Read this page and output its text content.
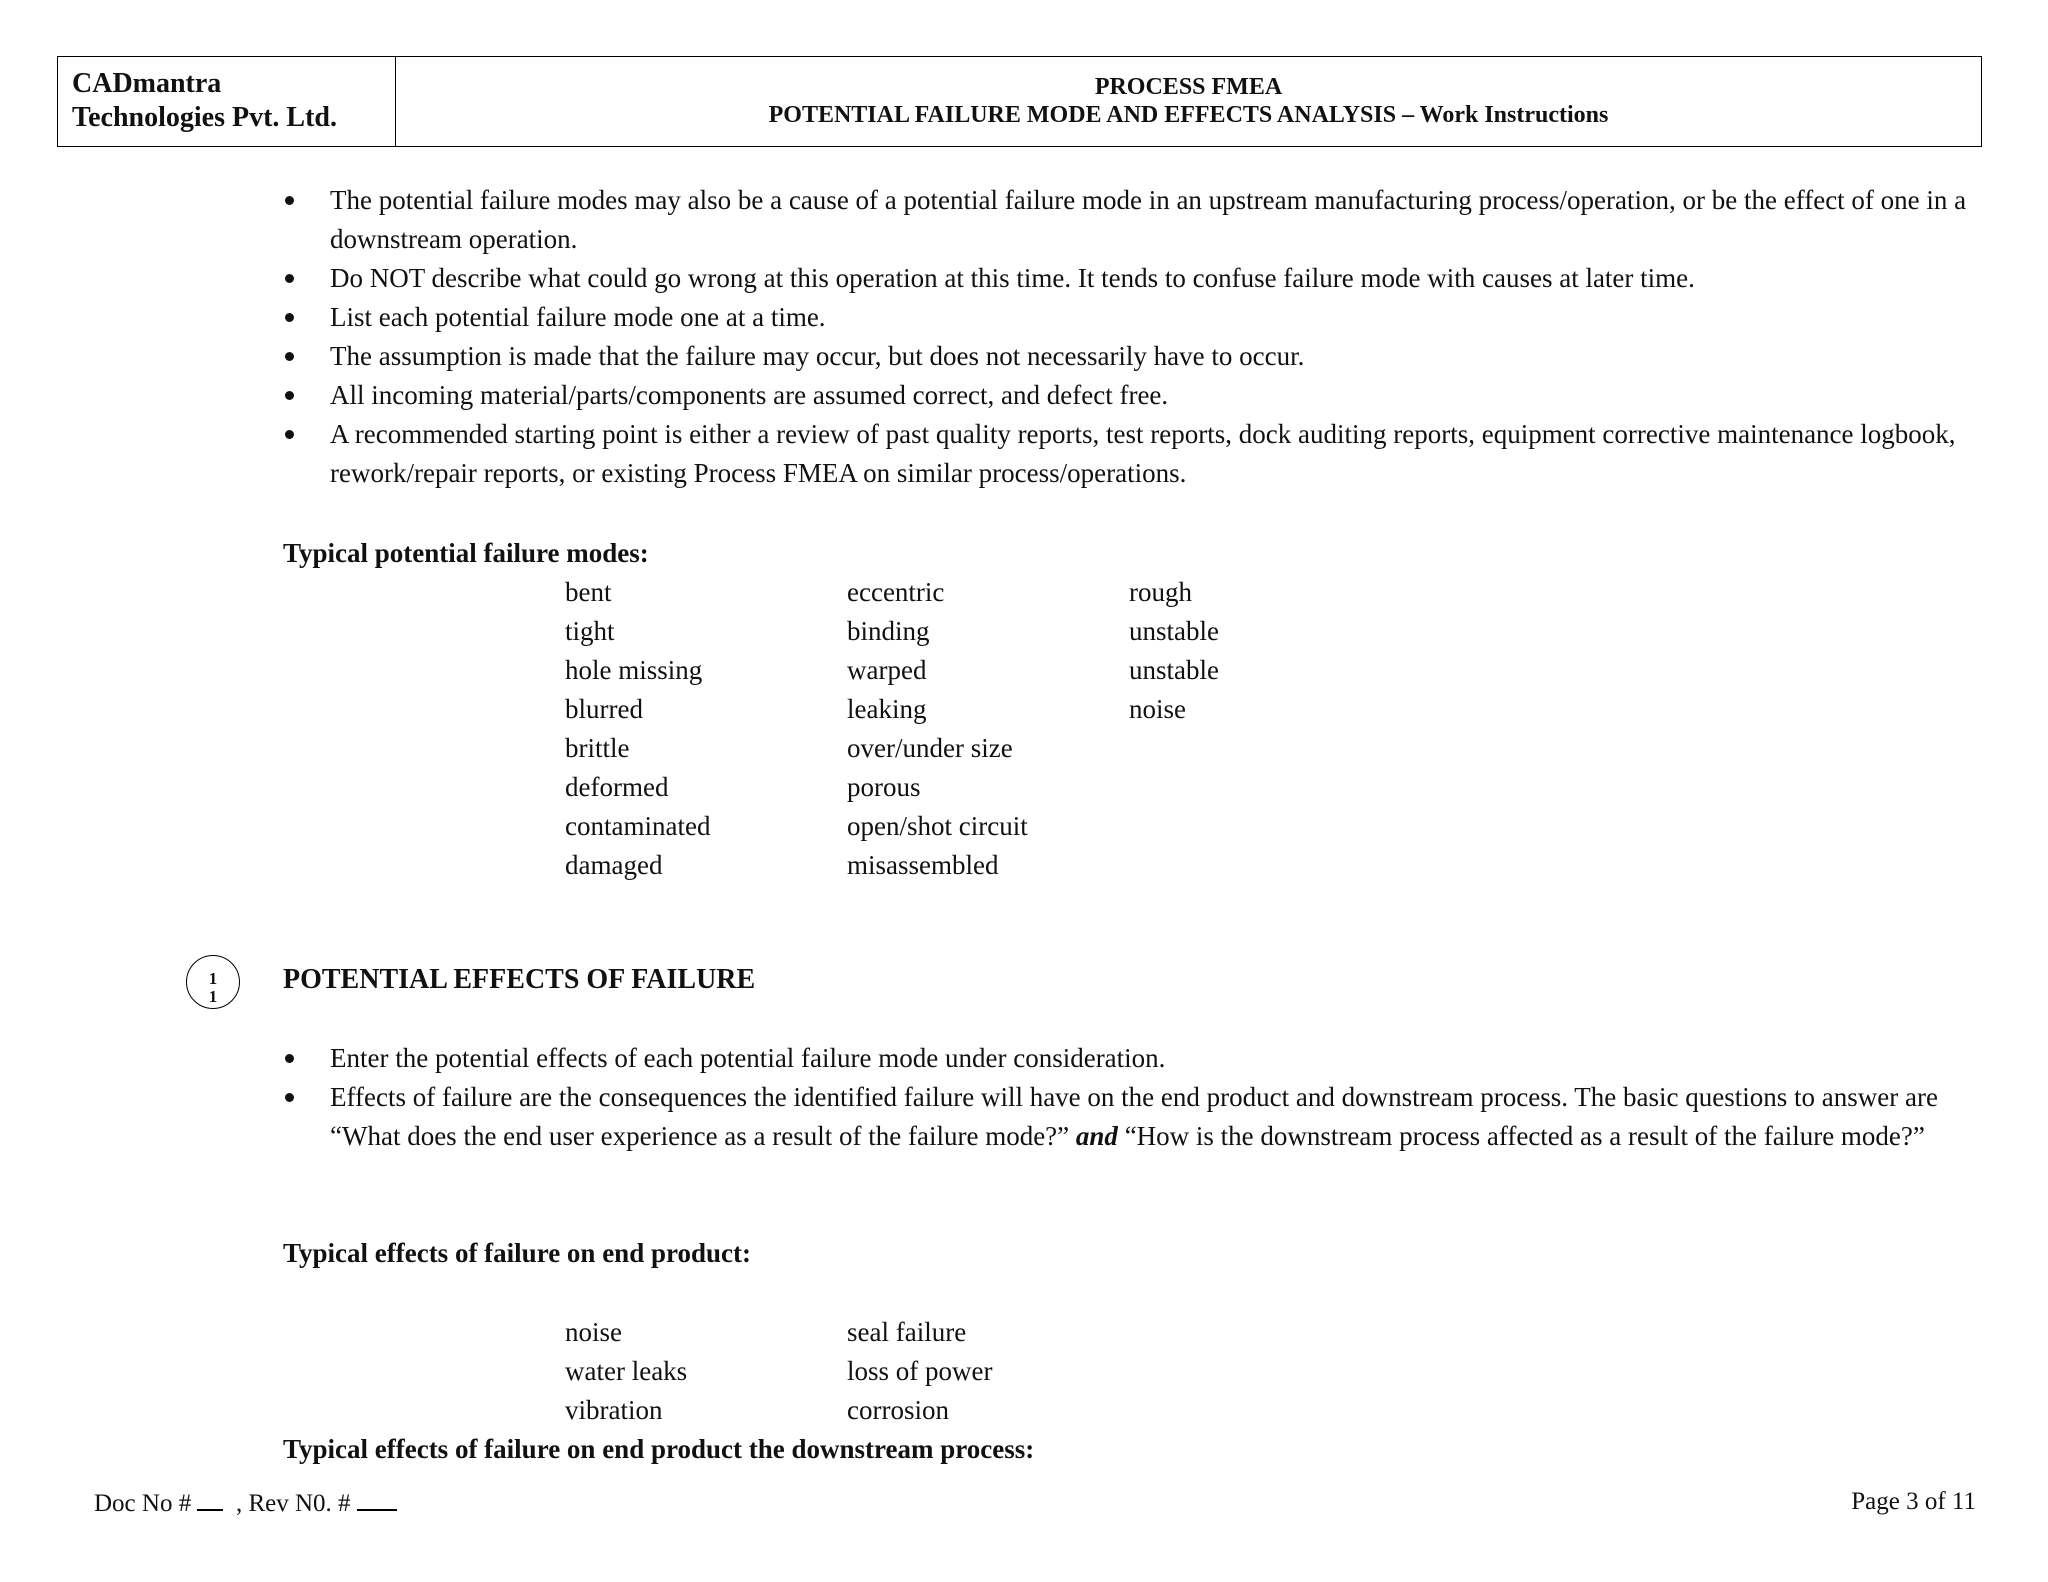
CADmantra
Technologies Pvt. Ltd.
PROCESS FMEA
POTENTIAL FAILURE MODE AND EFFECTS ANALYSIS – Work Instructions
The potential failure modes may also be a cause of a potential failure mode in an upstream manufacturing process/operation, or be the effect of one in a downstream operation.
Do NOT describe what could go wrong at this operation at this time. It tends to confuse failure mode with causes at later time.
List each potential failure mode one at a time.
The assumption is made that the failure may occur, but does not necessarily have to occur.
All incoming material/parts/components are assumed correct, and defect free.
A recommended starting point is either a review of past quality reports, test reports, dock auditing reports, equipment corrective maintenance logbook, rework/repair reports, or existing Process FMEA on similar process/operations.
Typical potential failure modes:
bent
tight
hole missing
blurred
brittle
deformed
contaminated
damaged
eccentric
binding
warped
leaking
over/under size
porous
open/shot circuit
misassembled
rough
unstable
unstable
noise
1
1
POTENTIAL EFFECTS OF FAILURE
Enter the potential effects of each potential failure mode under consideration.
Effects of failure are the consequences the identified failure will have on the end product and downstream process. The basic questions to answer are “What does the end user experience as a result of the failure mode?” and “How is the downstream process affected as a result of the failure mode?”
Typical effects of failure on end product:
noise
water leaks
vibration
seal failure
loss of power
corrosion
Typical effects of failure on end product the downstream process:
Doc No # , Rev N0. #	Page 3 of 11
